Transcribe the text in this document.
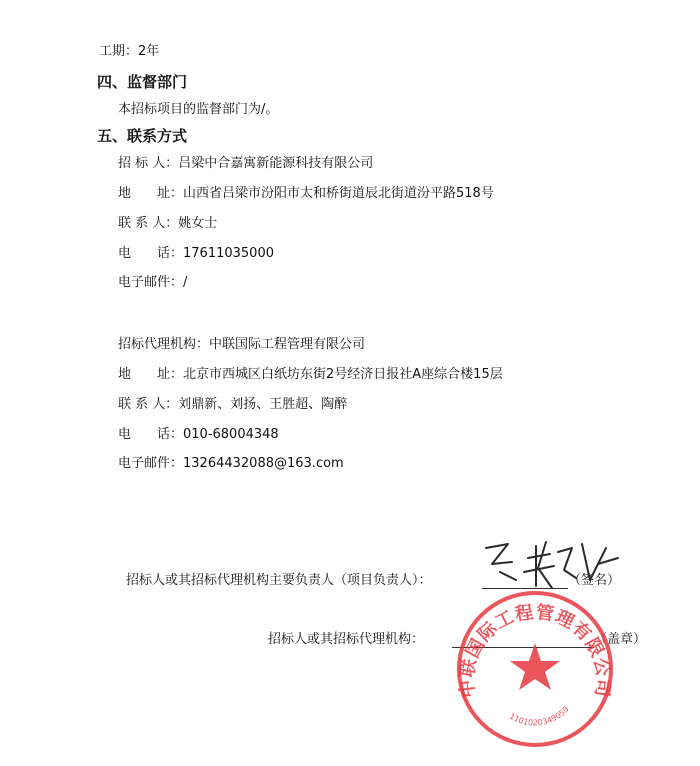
工期：2年
四、监督部门
本招标项目的监督部门为/。
五、联系方式
招 标 人：吕梁中合嘉寓新能源科技有限公司
地　　址：山西省吕梁市汾阳市太和桥街道辰北街道汾平路518号
联 系 人：姚女士
电　　话：17611035000
电子邮件：/
招标代理机构：中联国际工程管理有限公司
地　　址：北京市西城区白纸坊东街2号经济日报社A座综合楼15层
联 系 人：刘鼎新、刘扬、王胜超、陶醉
电　　话：010-68004348
电子邮件：13264432088@163.com
招标人或其招标代理机构主要负责人（项目负责人）：	（签名）
招标人或其招标代理机构：	（盖章）
中联国际工程管理有限公司
1101020349059
